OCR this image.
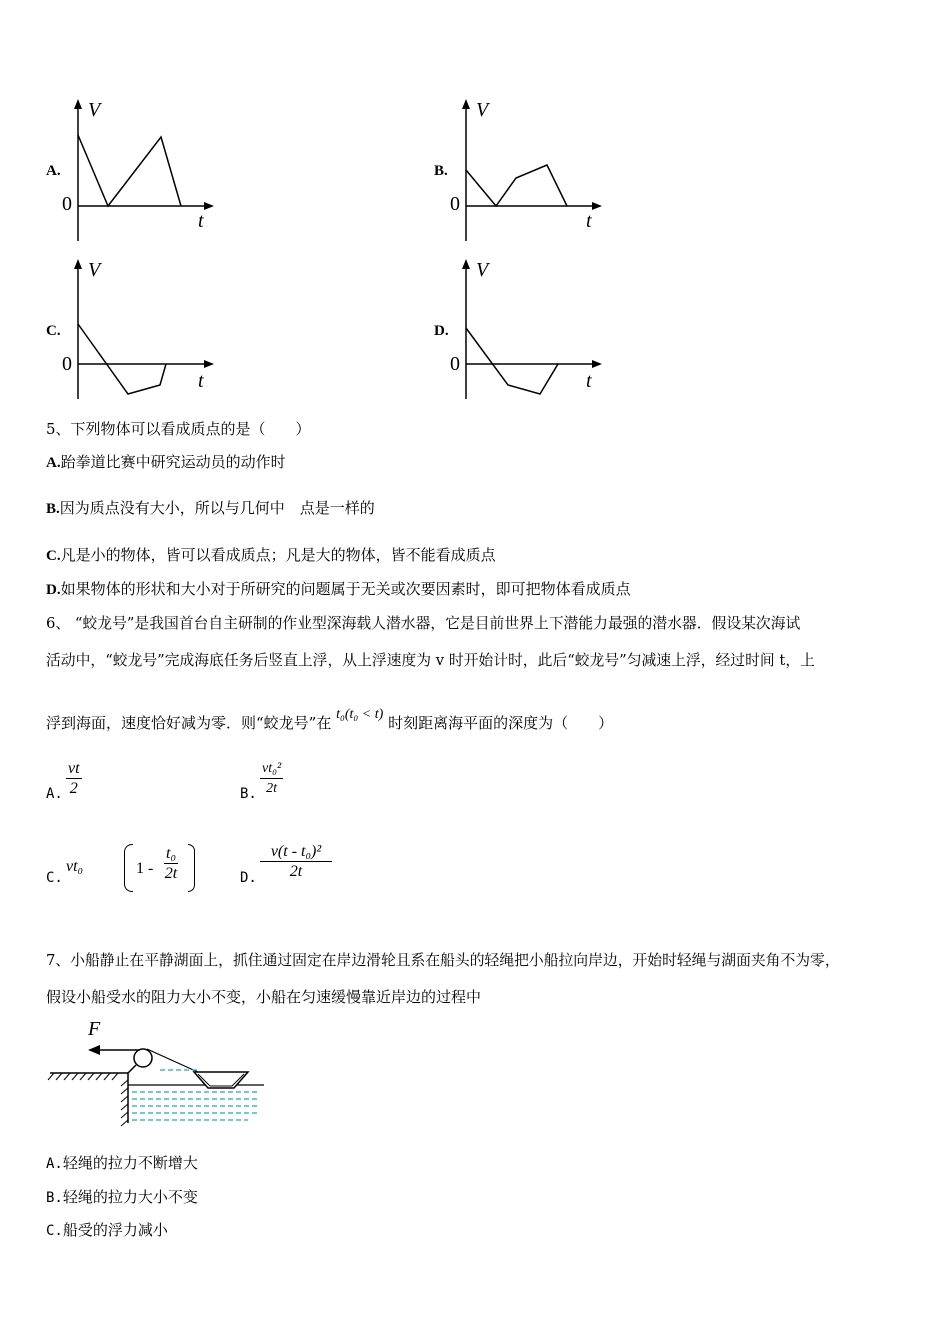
A.
V
0
t
B.
V
0
t
C.
V
0
t
D.
V
0
t
5、下列物体可以看成质点的是（　　）
A.跆拳道比赛中研究运动员的动作时
B.因为质点没有大小，所以与几何中　点是一样的
C.凡是小的物体，皆可以看成质点；凡是大的物体，皆不能看成质点
D.如果物体的形状和大小对于所研究的问题属于无关或次要因素时，即可把物体看成质点
6、 “蛟龙号”是我国首台自主研制的作业型深海载人潜水器，它是目前世界上下潜能力最强的潜水器．假设某次海试
活动中，“蛟龙号”完成海底任务后竖直上浮，从上浮速度为 v 时开始计时，此后“蛟龙号”匀减速上浮，经过时间 t，上
浮到海面，速度恰好减为零．则“蛟龙号”在 t₀(t₀ < t) 时刻距离海平面的深度为（　　）
A. $\frac{vt}{2}$	B. $\frac{\text{vt₀²}}{2t}$
C.
vt₀	$1 - \frac{\text{t₀}}{2t}$	D. $\frac{\text{v(t - t₀)²}}{2t}$
7、小船静止在平静湖面上，抓住通过固定在岸边滑轮且系在船头的轻绳把小船拉向岸边，开始时轻绳与湖面夹角不为零，
假设小船受水的阻力大小不变，小船在匀速缓慢靠近岸边的过程中
F
A.轻绳的拉力不断增大
B.轻绳的拉力大小不变
C.船受的浮力减小
